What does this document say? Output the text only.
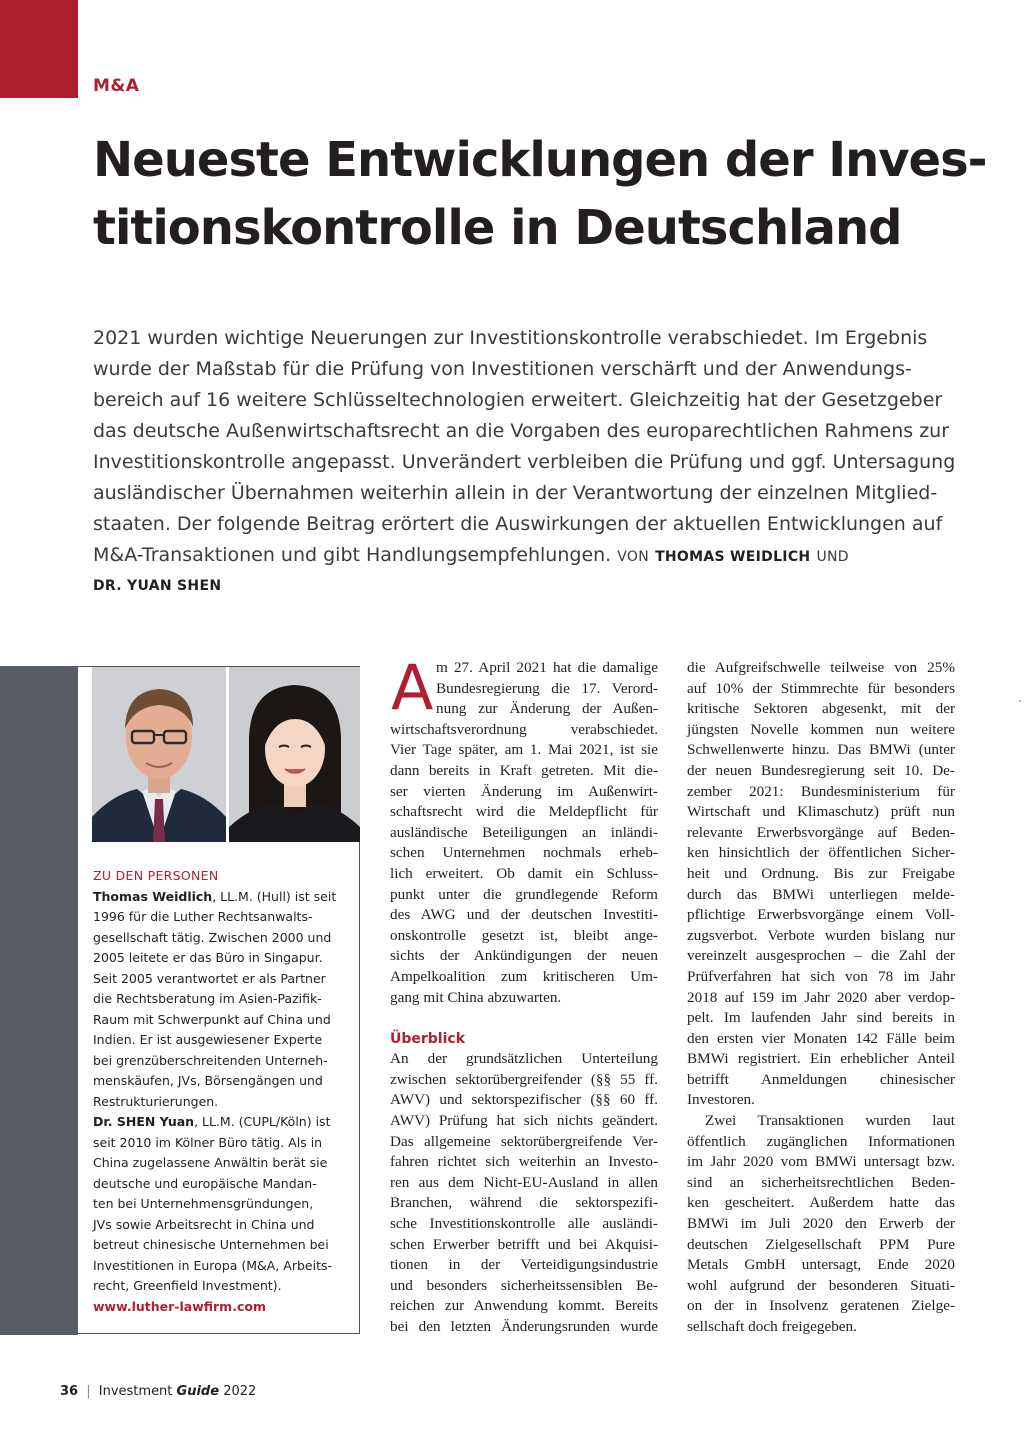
M&A
Neueste Entwicklungen der Inves-
titionskontrolle in Deutschland

2021 wurden wichtige Neuerungen zur Investitionskontrolle verabschiedet. Im Ergebnis
wurde der Maßstab für die Prüfung von Investitionen verschärft und der Anwendungs-
bereich auf 16 weitere Schlüsseltechnologien erweitert. Gleichzeitig hat der Gesetzgeber
das deutsche Außenwirtschaftsrecht an die Vorgaben des europarechtlichen Rahmens zur
Investitionskontrolle angepasst. Unverändert verbleiben die Prüfung und ggf. Untersagung
ausländischer Übernahmen weiterhin allein in der Verantwortung der einzelnen Mitglied-
staaten. Der folgende Beitrag erörtert die Auswirkungen der aktuellen Entwicklungen auf
M&A-Transaktionen und gibt Handlungsempfehlungen. VON THOMAS WEIDLICH UND

DR. YUAN SHEN
ZU DEN PERSONEN
Thomas Weidlich, LL.M. (Hull) ist seit
1996 für die Luther Rechtsanwalts-
gesellschaft tätig. Zwischen 2000 und
2005 leitete er das Büro in Singapur.
Seit 2005 verantwortet er als Partner
die Rechtsberatung im Asien-Pazifik-
Raum mit Schwerpunkt auf China und
Indien. Er ist ausgewiesener Experte
bei grenzüberschreitenden Unterneh-
menskäufen, JVs, Börsengängen und
Restrukturierungen.
Dr. SHEN Yuan, LL.M. (CUPL/Köln) ist
seit 2010 im Kölner Büro tätig. Als in
China zugelassene Anwältin berät sie
deutsche und europäische Mandan-
ten bei Unternehmensgründungen,
JVs sowie Arbeitsrecht in China und
betreut chinesische Unternehmen bei
Investitionen in Europa (M&A, Arbeits-
recht, Greenfield Investment).
www.luther-lawfirm.com
A m 27. April 2021 hat die damalige
Bundesregierung die 17. Verord-
nung zur Änderung der Außen-
wirtschaftsverordnung verabschiedet.
Vier Tage später, am 1. Mai 2021, ist sie
dann bereits in Kraft getreten. Mit die-
ser vierten Änderung im Außenwirt-
schaftsrecht wird die Meldepflicht für
ausländische Beteiligungen an inländi-
schen Unternehmen nochmals erheb-
lich erweitert. Ob damit ein Schluss-
punkt unter die grundlegende Reform
des AWG und der deutschen Investiti-
onskontrolle gesetzt ist, bleibt ange-
sichts der Ankündigungen der neuen
Ampelkoalition zum kritischeren Um-
gang mit China abzuwarten.
Überblick
An der grundsätzlichen Unterteilung
zwischen sektorübergreifender (§§ 55 ff.
AWV) und sektorspezifischer (§§ 60 ff.
AWV) Prüfung hat sich nichts geändert.
Das allgemeine sektorübergreifende Ver-
fahren richtet sich weiterhin an Investo-
ren aus dem Nicht-EU-Ausland in allen
Branchen, während die sektorspezifi-
sche Investitionskontrolle alle ausländi-
schen Erwerber betrifft und bei Akquisi-
tionen in der Verteidigungsindustrie
und besonders sicherheitssensiblen Be-
reichen zur Anwendung kommt. Bereits
bei den letzten Änderungsrunden wurde
die Aufgreifschwelle teilweise von 25%
auf 10% der Stimmrechte für besonders
kritische Sektoren abgesenkt, mit der
jüngsten Novelle kommen nun weitere
Schwellenwerte hinzu. Das BMWi (unter
der neuen Bundesregierung seit 10. De-
zember 2021: Bundesministerium für
Wirtschaft und Klimaschutz) prüft nun
relevante Erwerbsvorgänge auf Beden-
ken hinsichtlich der öffentlichen Sicher-
heit und Ordnung. Bis zur Freigabe
durch das BMWi unterliegen melde-
pflichtige Erwerbsvorgänge einem Voll-
zugsverbot. Verbote wurden bislang nur
vereinzelt ausgesprochen – die Zahl der
Prüfverfahren hat sich von 78 im Jahr
2018 auf 159 im Jahr 2020 aber verdop-
pelt. Im laufenden Jahr sind bereits in
den ersten vier Monaten 142 Fälle beim
BMWi registriert. Ein erheblicher Anteil
betrifft Anmeldungen chinesischer
Investoren.
Zwei Transaktionen wurden laut
öffentlich zugänglichen Informationen
im Jahr 2020 vom BMWi untersagt bzw.
sind an sicherheitsrechtlichen Beden-
ken gescheitert. Außerdem hatte das
BMWi im Juli 2020 den Erwerb der
deutschen Zielgesellschaft PPM Pure
Metals GmbH untersagt, Ende 2020
wohl aufgrund der besonderen Situati-
on der in Insolvenz geratenen Zielge-
sellschaft doch freigegeben.
36 | Investment Guide 2022
